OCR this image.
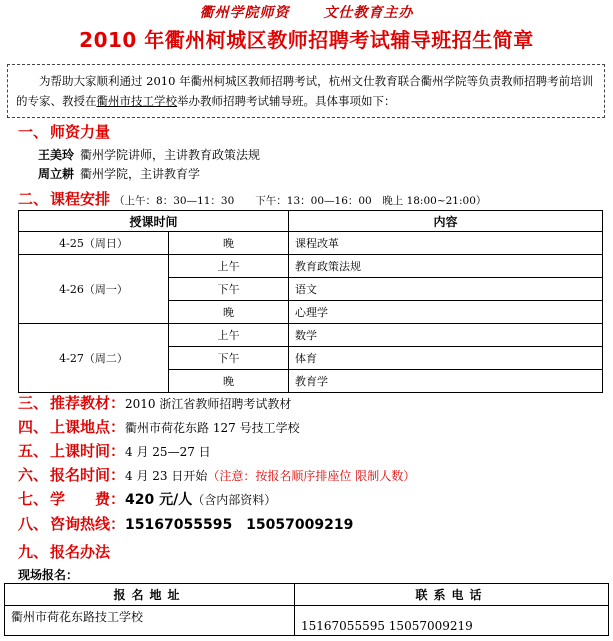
衢州学院师资 文仕教育主办
2010 年衢州柯城区教师招聘考试辅导班招生简章
为帮助大家顺利通过 2010 年衢州柯城区教师招聘考试，杭州文仕教育联合衢州学院等负责教师招聘考前培训的专家、教授在衢州市技工学校举办教师招聘考试辅导班。具体事项如下：
一、 师资力量
王美玲 衢州学院讲师，主讲教育政策法规
周立耕 衢州学院，主讲教育学
二、 课程安排 （上午：8：30—11：30　　下午：13：00—16：00　晚上 18:00~21:00）
授课时间		内容
4-25（周日）	晚	课程改革
4-26（周一）	上午	教育政策法规
	下午	语文
	晚	心理学
4-27（周二）	上午	数学
	下午	体育
	晚	教育学
三、 推荐教材：2010 浙江省教师招聘考试教材
四、 上课地点：衢州市荷花东路 127 号技工学校
五、 上课时间：4 月 25—27 日
六、 报名时间：4 月 23 日开始（注意：按报名顺序排座位 限制人数）
七、 学　　费：420 元/人（含内部资料）
八、 咨询热线：15167055595　15057009219
九、 报名办法
现场报名：
报名地址	联系电话
衢州市荷花东路技工学校	15167055595 15057009219
